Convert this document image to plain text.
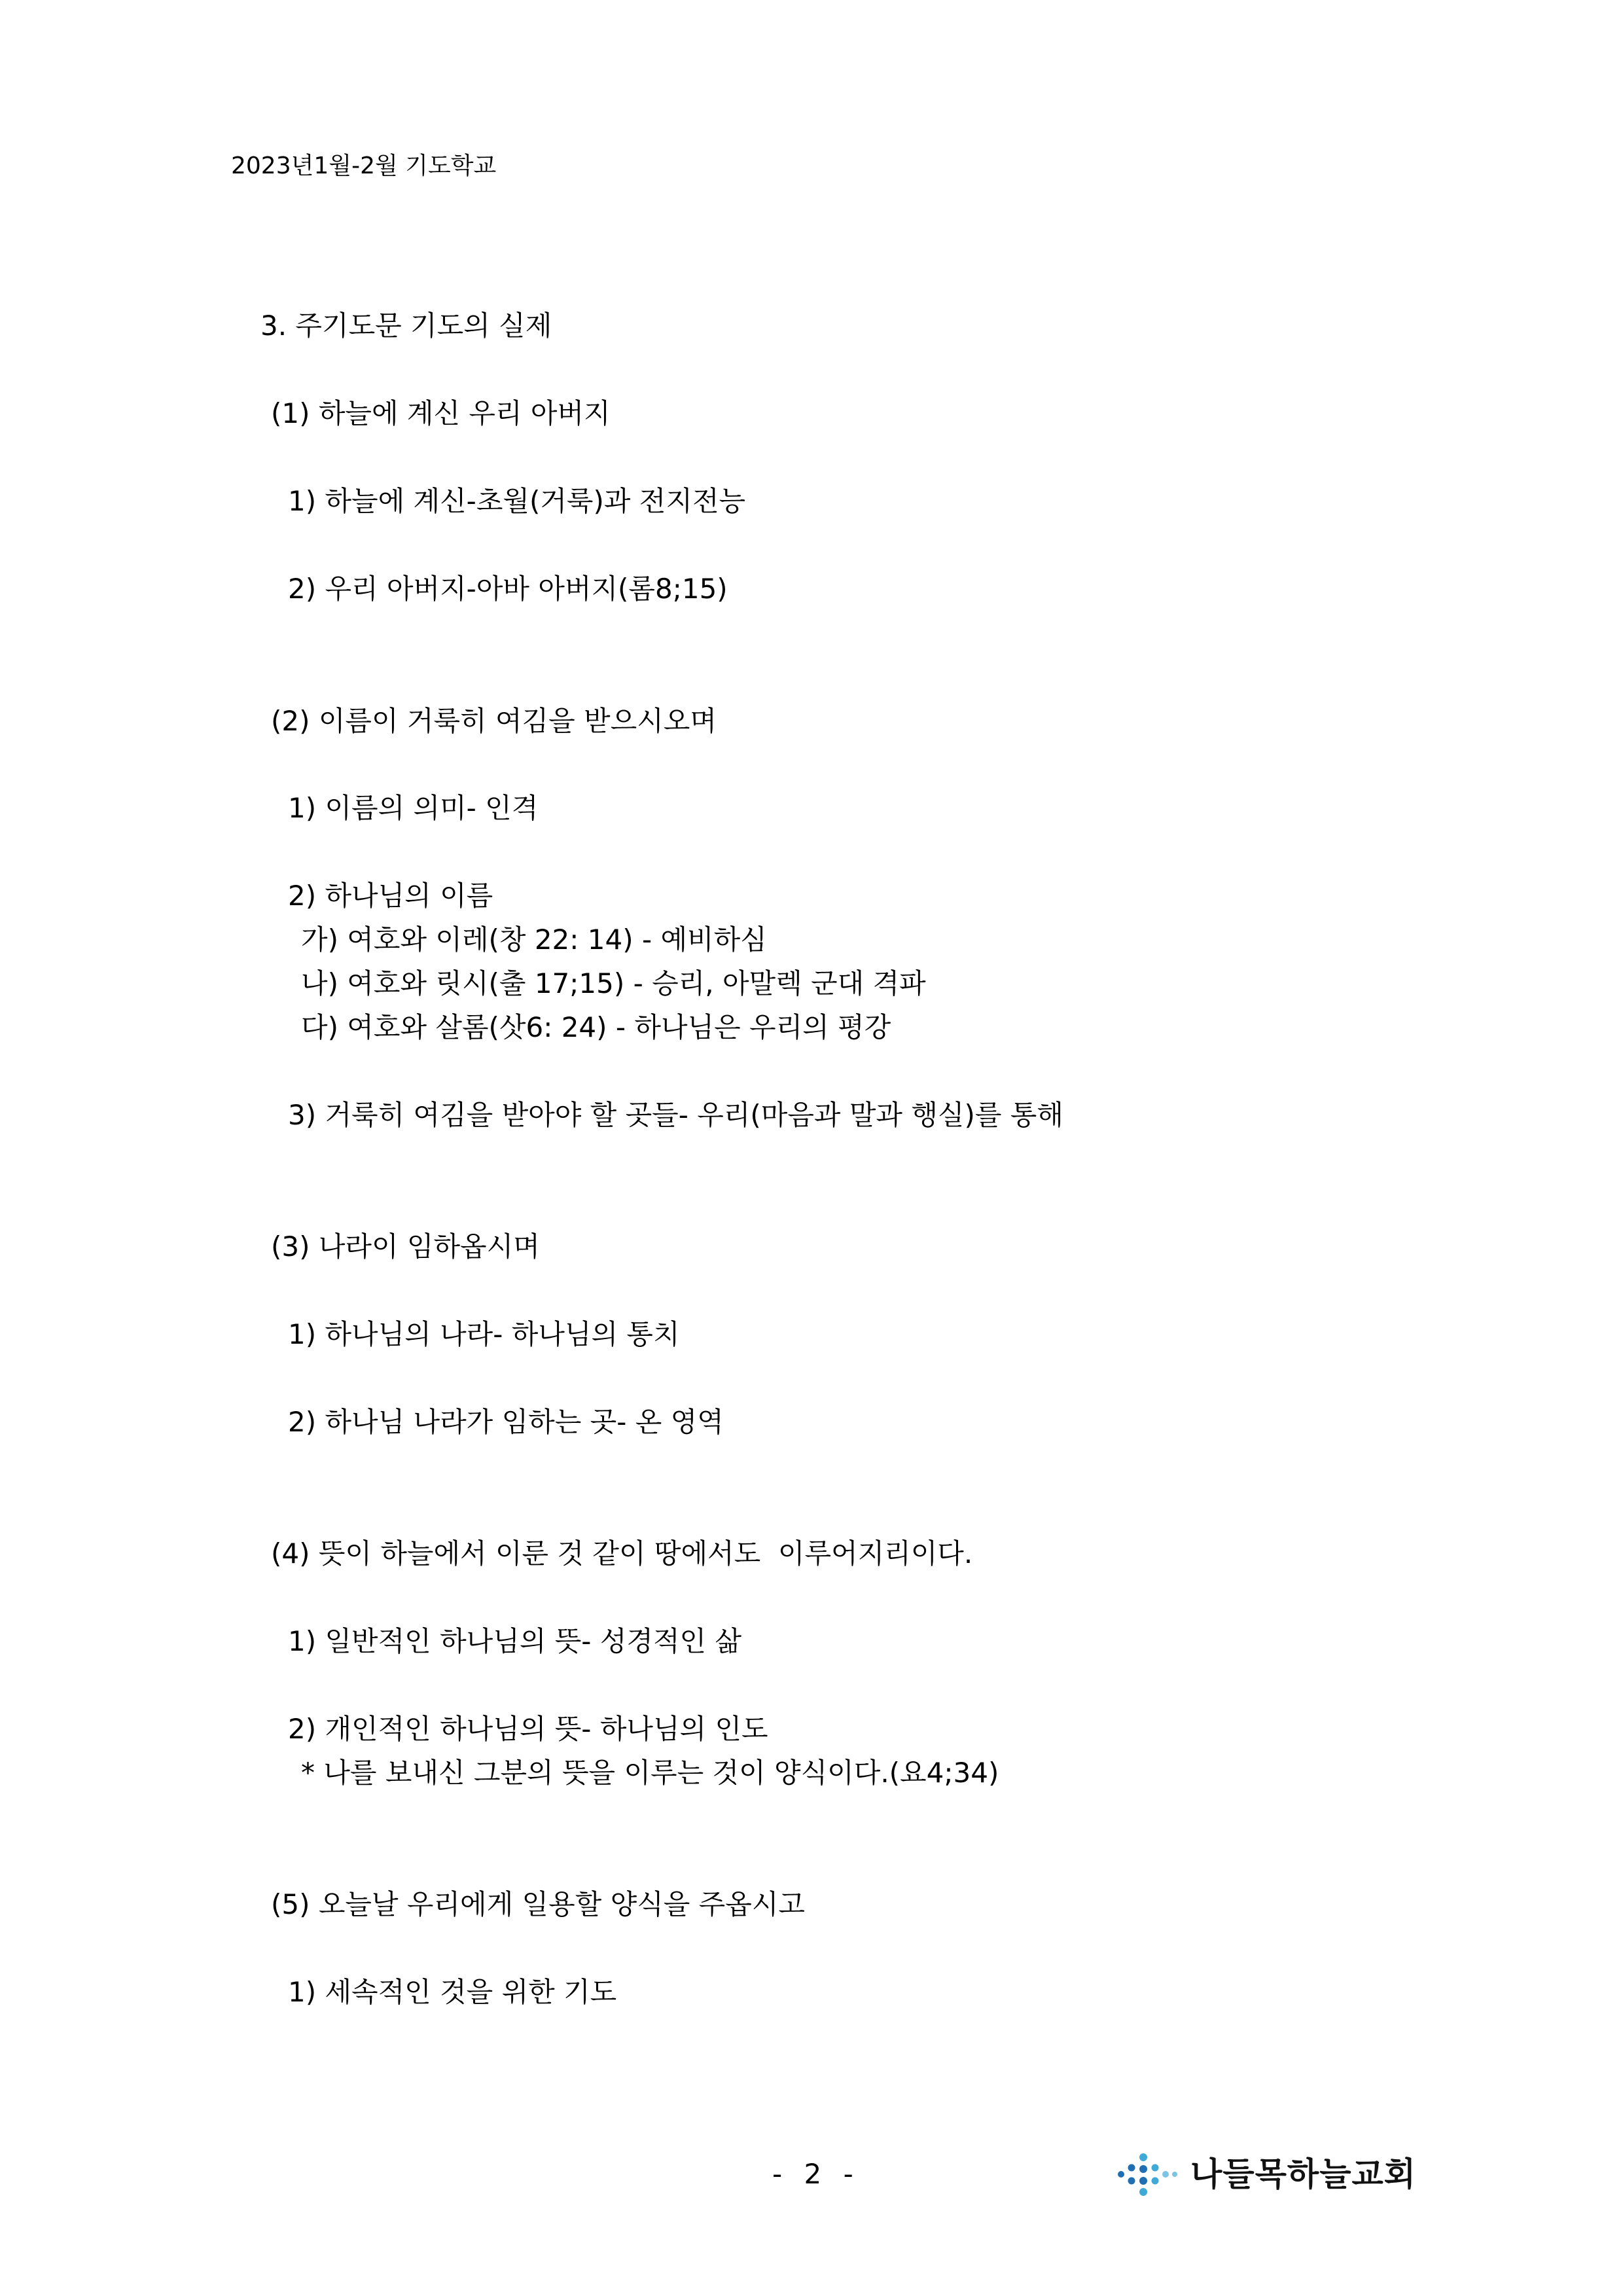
2023년1월-2월 기도학교
3. 주기도문 기도의 실제
(1) 하늘에 계신 우리 아버지
1) 하늘에 계신-초월(거룩)과 전지전능
2) 우리 아버지-아바 아버지(롬8;15)
(2) 이름이 거룩히 여김을 받으시오며
1) 이름의 의미- 인격
2) 하나님의 이름
가) 여호와 이레(창 22: 14) - 예비하심
나) 여호와 릿시(출 17;15) - 승리, 아말렉 군대 격파
다) 여호와 살롬(삿6: 24) - 하나님은 우리의 평강
3) 거룩히 여김을 받아야 할 곳들- 우리(마음과 말과 행실)를 통해
(3) 나라이 임하옵시며
1) 하나님의 나라- 하나님의 통치
2) 하나님 나라가 임하는 곳- 온 영역
(4) 뜻이 하늘에서 이룬 것 같이 땅에서도  이루어지리이다.
1) 일반적인 하나님의 뜻- 성경적인 삶
2) 개인적인 하나님의 뜻- 하나님의 인도
* 나를 보내신 그분의 뜻을 이루는 것이 양식이다.(요4;34)
(5) 오늘날 우리에게 일용할 양식을 주옵시고
1) 세속적인 것을 위한 기도
- 2 -	나들목하늘교회
